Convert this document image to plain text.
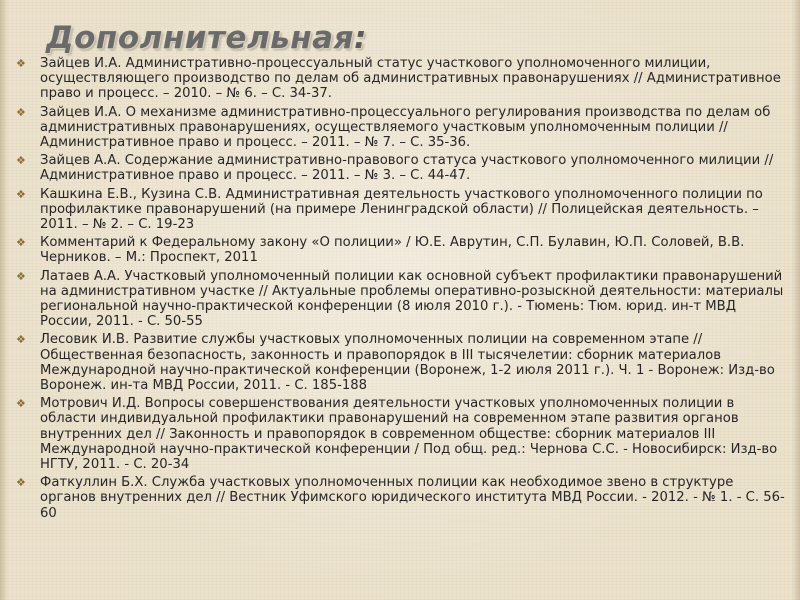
Дополнительная:
❖ Зайцев И.А. Административно-процессуальный статус участкового уполномоченного милиции, осуществляющего производство по делам об административных правонарушениях // Административное право и процесс. – 2010. – № 6. – С. 34-37.
❖ Зайцев И.А. О механизме административно-процессуального регулирования производства по делам об административных правонарушениях, осуществляемого участковым уполномоченным полиции // Административное право и процесс. – 2011. – № 7. – С. 35-36.
❖ Зайцев А.А. Содержание административно-правового статуса участкового уполномоченного милиции // Административное право и процесс. – 2011. – № 3. – С. 44-47.
❖ Кашкина Е.В., Кузина С.В. Административная деятельность участкового уполномоченного полиции по профилактике правонарушений (на примере Ленинградской области) // Полицейская деятельность. – 2011. – № 2. – С. 19-23
❖ Комментарий к Федеральному закону «О полиции» / Ю.Е. Аврутин, С.П. Булавин, Ю.П. Соловей, В.В. Черников. – М.: Проспект, 2011
❖ Латаев А.А. Участковый уполномоченный полиции как основной субъект профилактики правонарушений на административном участке // Актуальные проблемы оперативно-розыскной деятельности: материалы региональной научно-практической конференции (8 июля 2010 г.). - Тюмень: Тюм. юрид. ин-т МВД России, 2011. - С. 50-55
❖ Лесовик И.В. Развитие службы участковых уполномоченных полиции на современном этапе // Общественная безопасность, законность и правопорядок в III тысячелетии: сборник материалов Международной научно-практической конференции (Воронеж, 1-2 июля 2011 г.). Ч. 1 - Воронеж: Изд-во Воронеж. ин-та МВД России, 2011. - С. 185-188
❖ Мотрович И.Д. Вопросы совершенствования деятельности участковых уполномоченных полиции в области индивидуальной профилактики правонарушений на современном этапе развития органов внутренних дел // Законность и правопорядок в современном обществе: сборник материалов III Международной научно-практической конференции / Под общ. ред.: Чернова С.С. - Новосибирск: Изд-во НГТУ, 2011. - С. 20-34
❖ Фаткуллин Б.Х. Служба участковых уполномоченных полиции как необходимое звено в структуре органов внутренних дел // Вестник Уфимского юридического института МВД России. - 2012. - № 1. - С. 56-60
